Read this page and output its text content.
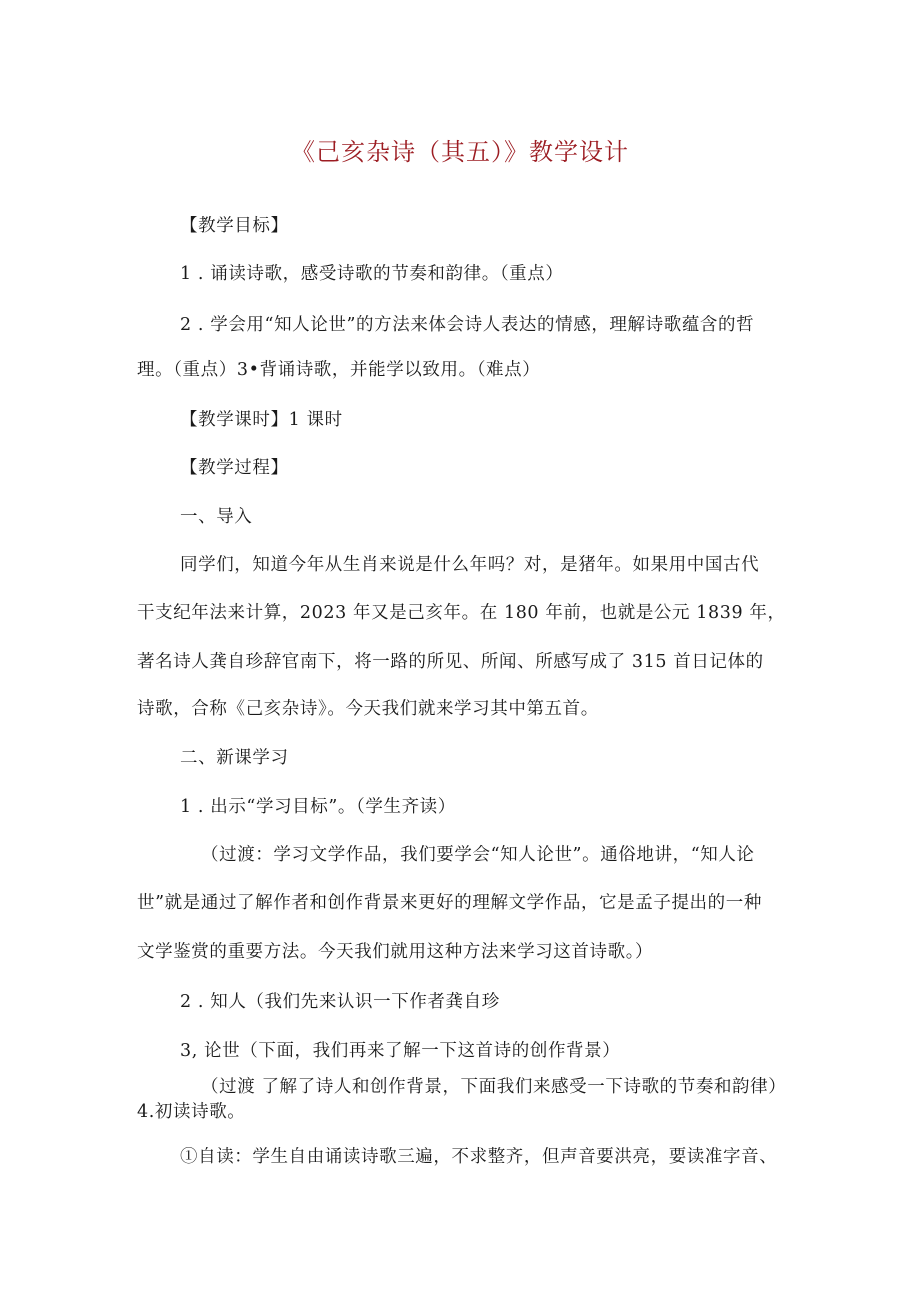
《己亥杂诗（其五）》教学设计
【教学目标】
1 . 诵读诗歌，感受诗歌的节奏和韵律。（重点）
2 . 学会用“知人论世”的方法来体会诗人表达的情感，理解诗歌蕴含的哲
理。（重点）3•背诵诗歌，并能学以致用。（难点）
【教学课时】1 课时
【教学过程】
一、导入
同学们，知道今年从生肖来说是什么年吗？对，是猪年。如果用中国古代
干支纪年法来计算，2023 年又是己亥年。在 180 年前，也就是公元 1839 年，
著名诗人龚自珍辞官南下，将一路的所见、所闻、所感写成了 315 首日记体的
诗歌，合称《己亥杂诗》。今天我们就来学习其中第五首。
二、新课学习
1 . 出示“学习目标”。（学生齐读）
（过渡：学习文学作品，我们要学会“知人论世”。通俗地讲，“知人论
世”就是通过了解作者和创作背景来更好的理解文学作品，它是孟子提出的一种
文学鉴赏的重要方法。今天我们就用这种方法来学习这首诗歌。）
2 . 知人（我们先来认识一下作者龚自珍
3, 论世（下面，我们再来了解一下这首诗的创作背景）
（过渡 了解了诗人和创作背景，下面我们来感受一下诗歌的节奏和韵律）
4.初读诗歌。
①自读：学生自由诵读诗歌三遍，不求整齐，但声音要洪亮，要读准字音、
